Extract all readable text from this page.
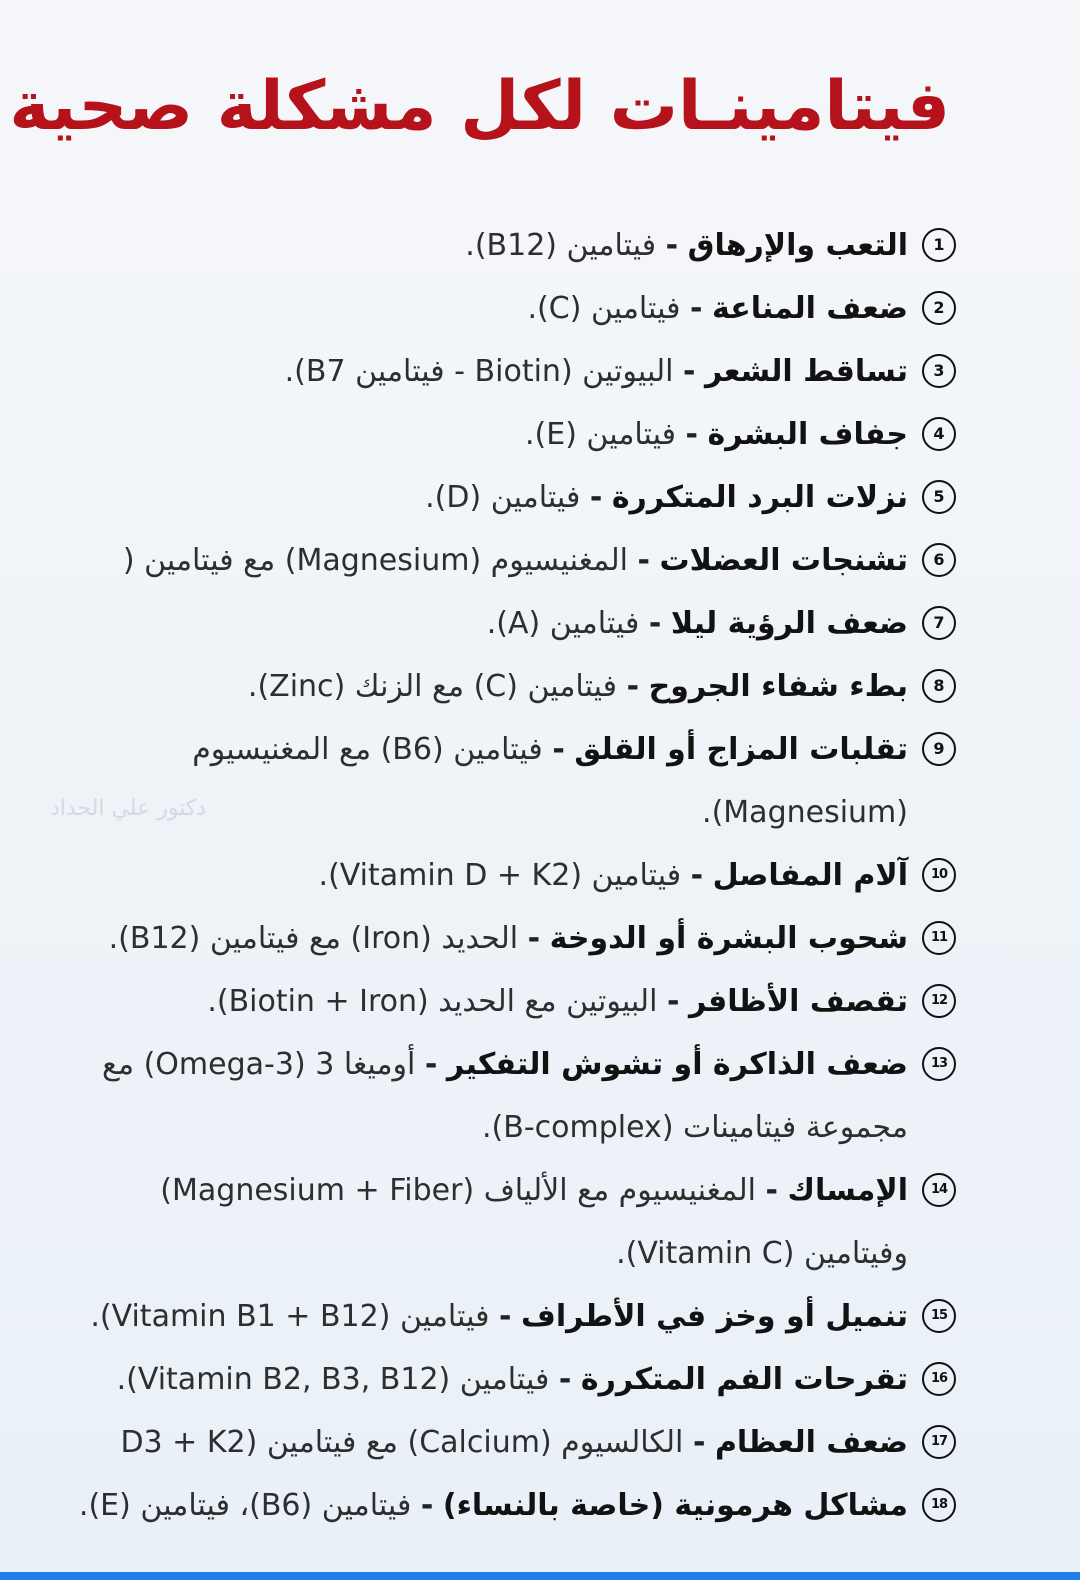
فيتامينـات لكل مشكلة صحية
دكتور علي الحداد
1
التعب والإرهاق - فيتامين (B12).
2
ضعف المناعة - فيتامين (C).
3
تساقط الشعر - البيوتين (Biotin - فيتامين B7).
4
جفاف البشرة - فيتامين (E).
5
نزلات البرد المتكررة - فيتامين (D).
6
تشنجات العضلات - المغنيسيوم (Magnesium) مع فيتامين (
7
ضعف الرؤية ليلا - فيتامين (A).
8
بطء شفاء الجروح - فيتامين (C) مع الزنك (Zinc).
9
تقلبات المزاج أو القلق - فيتامين (B6) مع المغنيسيوم
(Magnesium).
10
آلام المفاصل - فيتامين (Vitamin D + K2).
11
شحوب البشرة أو الدوخة - الحديد (Iron) مع فيتامين (B12).
12
تقصف الأظافر - البيوتين مع الحديد (Biotin + Iron).
13
ضعف الذاكرة أو تشوش التفكير - أوميغا 3 (Omega-3) مع
مجموعة فيتامينات (B-complex).
14
الإمساك - المغنيسيوم مع الألياف (Magnesium + Fiber)
وفيتامين (Vitamin C).
15
تنميل أو وخز في الأطراف - فيتامين (Vitamin B1 + B12).
16
تقرحات الفم المتكررة - فيتامين (Vitamin B2, B3, B12).
17
ضعف العظام - الكالسيوم (Calcium) مع فيتامين (D3 + K2
18
مشاكل هرمونية (خاصة بالنساء) - فيتامين (B6)، فيتامين (E).
